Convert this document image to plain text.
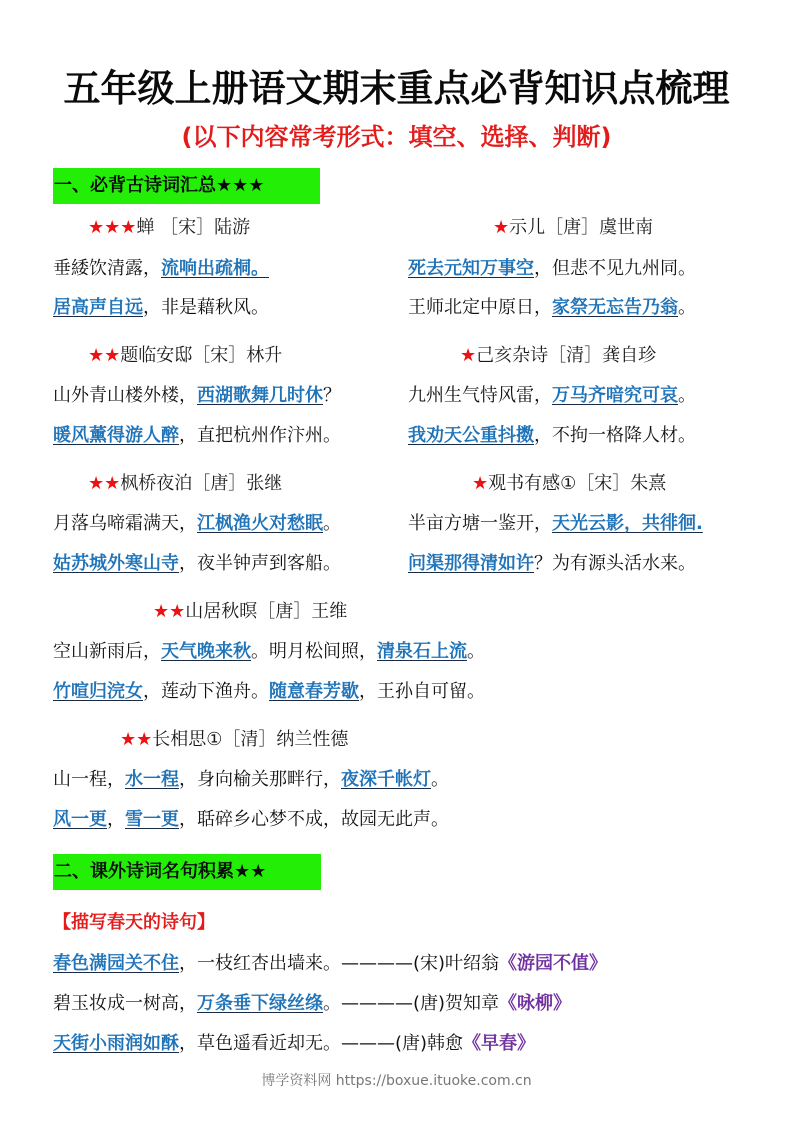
五年级上册语文期末重点必背知识点梳理
(以下内容常考形式：填空、选择、判断)
一、必背古诗词汇总★★★
★★★蝉 ［宋］陆游
垂緌饮清露，流响出疏桐。
居高声自远，非是藉秋风。
★示儿［唐］虞世南
死去元知万事空，但悲不见九州同。
王师北定中原日，家祭无忘告乃翁。
★★题临安邸［宋］林升
山外青山楼外楼，西湖歌舞几时休？
暖风薰得游人醉，直把杭州作汴州。
★己亥杂诗［清］龚自珍
九州生气恃风雷，万马齐喑究可哀。
我劝天公重抖擞，不拘一格降人材。
★★枫桥夜泊［唐］张继
月落乌啼霜满天，江枫渔火对愁眠。
姑苏城外寒山寺，夜半钟声到客船。
★观书有感①［宋］朱熹
半亩方塘一鉴开，天光云影，共徘徊.
问渠那得清如许？为有源头活水来。
★★山居秋暝［唐］王维
空山新雨后，天气晚来秋。明月松间照，清泉石上流。
竹喧归浣女，莲动下渔舟。随意春芳歇，王孙自可留。
★★长相思①［清］纳兰性德
山一程，水一程，身向榆关那畔行，夜深千帐灯。
风一更，雪一更，聒碎乡心梦不成，故园无此声。
二、课外诗词名句积累★★
【描写春天的诗句】
春色满园关不住，一枝红杏出墙来。————(宋)叶绍翁《游园不值》
碧玉妆成一树高，万条垂下绿丝绦。————(唐)贺知章《咏柳》
天街小雨润如酥，草色遥看近却无。———(唐)韩愈《早春》
博学资料网 https://boxue.ituoke.com.cn
